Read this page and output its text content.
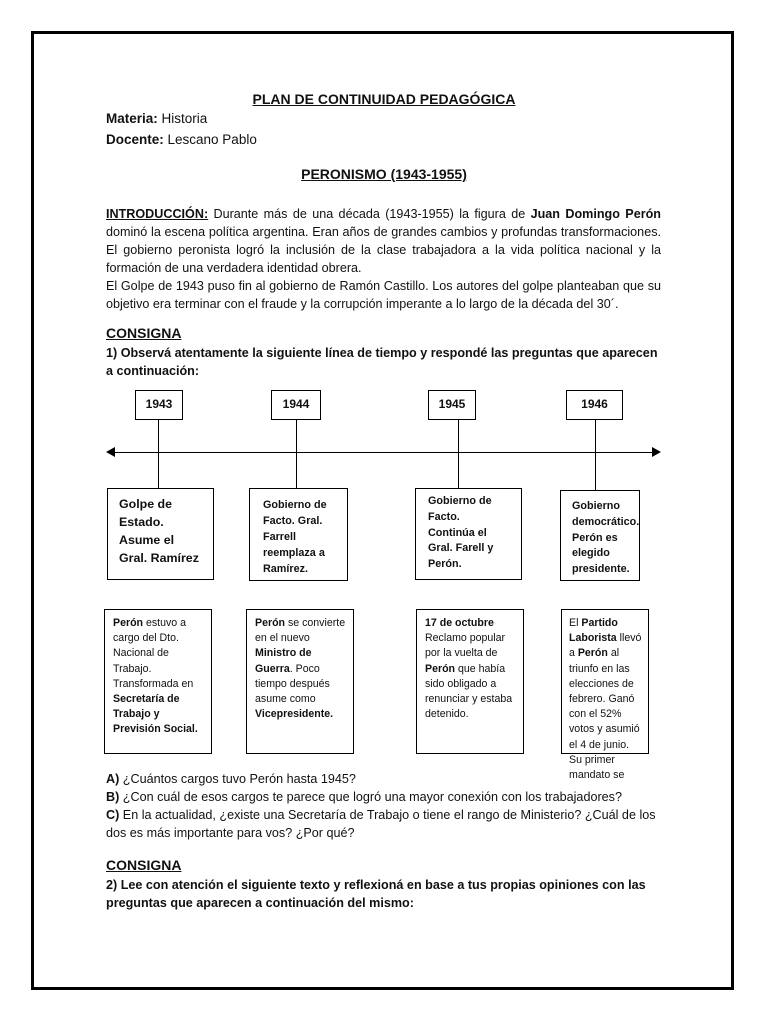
PLAN DE CONTINUIDAD PEDAGÓGICA
Materia: Historia
Docente: Lescano Pablo
PERONISMO (1943-1955)

INTRODUCCIÓN: Durante más de una década (1943-1955) la figura de Juan Domingo Perón dominó la escena política argentina. Eran años de grandes cambios y profundas transformaciones. El gobierno peronista logró la inclusión de la clase trabajadora a la vida política nacional y la formación de una verdadera identidad obrera.

El Golpe de 1943 puso fin al gobierno de Ramón Castillo. Los autores del golpe planteaban que su objetivo era terminar con el fraude y la corrupción imperante a lo largo de la década del 30´.

CONSIGNA
1) Observá atentamente la siguiente línea de tiempo y respondé las preguntas que aparecen a continuación:
1943	1944	1945	1946
Golpe de
Estado.
Asume el
Gral. Ramírez
Gobierno de
Facto. Gral.
Farrell
reemplaza a
Ramírez.
Gobierno de
Facto.
Continúa el
Gral. Farell y
Perón.
Gobierno
democrático.
Perón es
elegido
presidente.
Perón estuvo a cargo del Dto. Nacional de Trabajo. Transformada en Secretaría de Trabajo y Previsión Social.
Perón se convierte en el nuevo Ministro de Guerra. Poco tiempo después asume como Vicepresidente.
17 de octubre Reclamo popular por la vuelta de Perón que había sido obligado a renunciar y estaba detenido.
El Partido Laborista llevó a Perón al triunfo en las elecciones de febrero. Ganó con el 52% votos y asumió el 4 de junio. Su primer mandato se

A) ¿Cuántos cargos tuvo Perón hasta 1945?

B) ¿Con cuál de esos cargos te parece que logró una mayor conexión con los trabajadores?

C) En la actualidad, ¿existe una Secretaría de Trabajo o tiene el rango de Ministerio? ¿Cuál de los dos es más importante para vos? ¿Por qué?

CONSIGNA
2) Lee con atención el siguiente texto y reflexioná en base a tus propias opiniones con las preguntas que aparecen a continuación del mismo:
